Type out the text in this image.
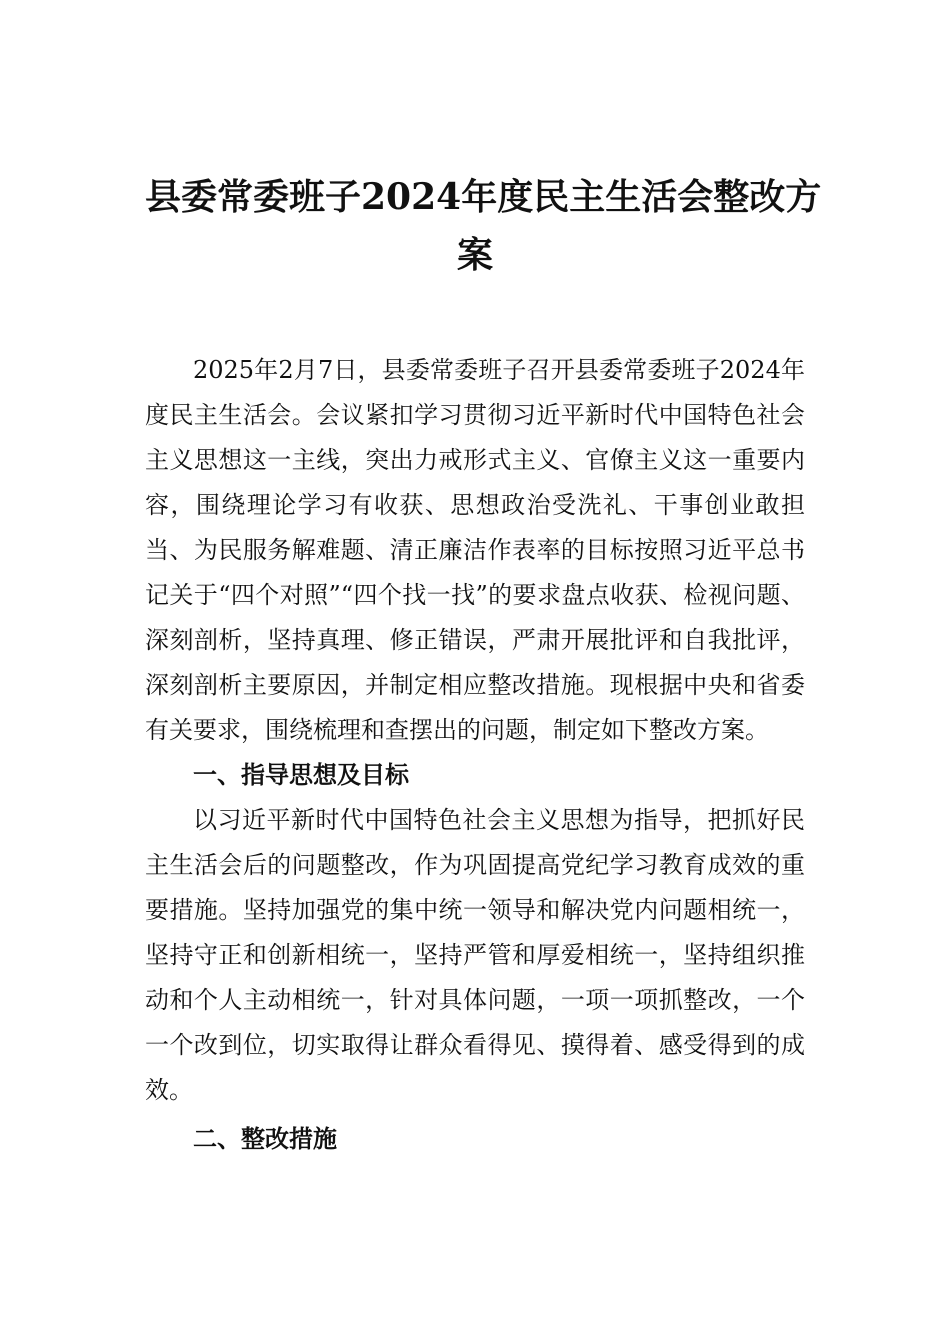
县委常委班子2024年度民主生活会整改方
案

2025年2月7日，县委常委班子召开县委常委班子2024年度民主生活会。会议紧扣学习贯彻习近平新时代中国特色社会主义思想这一主线，突出力戒形式主义、官僚主义这一重要内容，围绕理论学习有收获、思想政治受洗礼、干事创业敢担当、为民服务解难题、清正廉洁作表率的目标按照习近平总书记关于“四个对照”“四个找一找”的要求盘点收获、检视问题、深刻剖析，坚持真理、修正错误，严肃开展批评和自我批评，深刻剖析主要原因，并制定相应整改措施。现根据中央和省委有关要求，围绕梳理和查摆出的问题，制定如下整改方案。

一、指导思想及目标

以习近平新时代中国特色社会主义思想为指导，把抓好民主生活会后的问题整改，作为巩固提高党纪学习教育成效的重要措施。坚持加强党的集中统一领导和解决党内问题相统一，坚持守正和创新相统一，坚持严管和厚爱相统一，坚持组织推动和个人主动相统一，针对具体问题，一项一项抓整改，一个一个改到位，切实取得让群众看得见、摸得着、感受得到的成效。

二、整改措施
